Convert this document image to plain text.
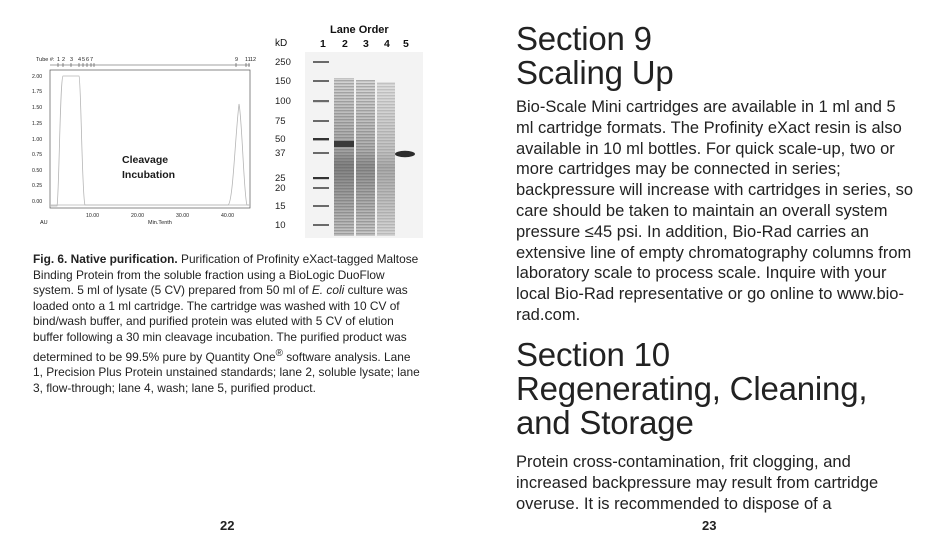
Tube #: 1 2 3 4 5 6 7	9 11 12
2.00
1.75
1.50
1.25
1.00
0.75
0.50
0.25
0.00
10.00	20.00	30.00	40.00
AU	Min.Tenth
Cleavage
Incubation
Lane Order
kD	1 2 3 4 5
250
150
100
75
50
37
25
20
15
10
Fig. 6. Native purification. Purification of Profinity eXact-tagged Maltose Binding Protein from the soluble fraction using a BioLogic DuoFlow system. 5 ml of lysate (5 CV) prepared from 50 ml of E. coli culture was loaded onto a 1 ml cartridge. The cartridge was washed with 10 CV of bind/wash buffer, and purified protein was eluted with 5 CV of elution buffer following a 30 min cleavage incubation. The purified product was determined to be 99.5% pure by Quantity One® software analysis. Lane 1, Precision Plus Protein unstained standards; lane 2, soluble lysate; lane 3, flow-through; lane 4, wash; lane 5, purified product.
22
Section 9
Scaling Up
Bio-Scale Mini cartridges are available in 1 ml and 5 ml cartridge formats. The Profinity eXact resin is also available in 10 ml bottles. For quick scale-up, two or more cartridges may be connected in series; backpressure will increase with cartridges in series, so care should be taken to maintain an overall system pressure ≤45 psi. In addition, Bio-Rad carries an extensive line of empty chromatography columns from laboratory scale to process scale. Inquire with your local Bio-Rad representative or go online to www.bio-rad.com.
Section 10
Regenerating, Cleaning,
and Storage
Protein cross-contamination, frit clogging, and increased backpressure may result from cartridge overuse. It is recommended to dispose of a
23
